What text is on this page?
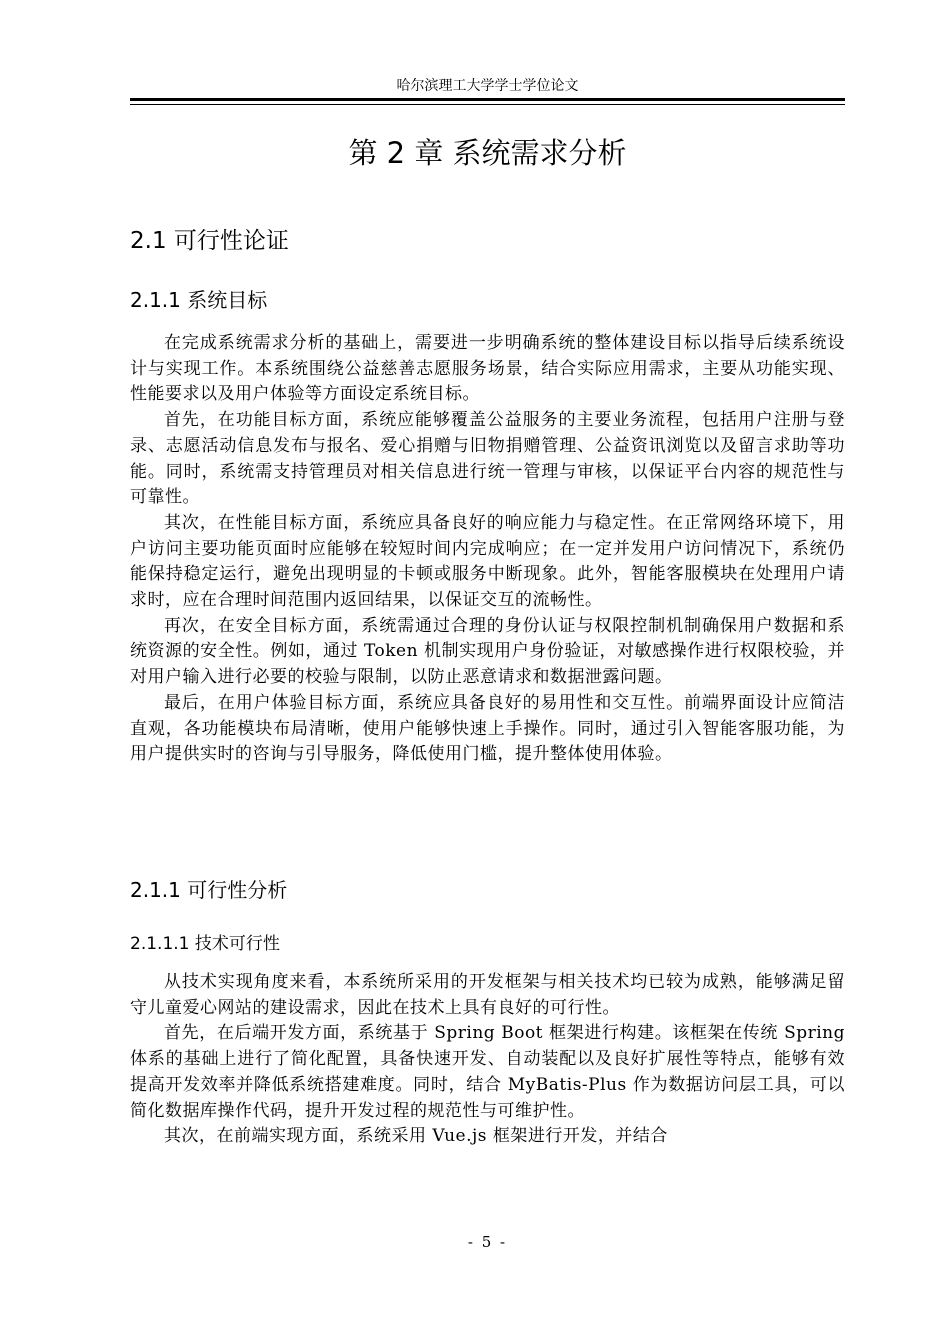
哈尔滨理工大学学士学位论文
第 2 章 系统需求分析
2.1 可行性论证
2.1.1 系统目标

在完成系统需求分析的基础上，需要进一步明确系统的整体建设目标以指导后续系统设计与实现工作。本系统围绕公益慈善志愿服务场景，结合实际应用需求，主要从功能实现、性能要求以及用户体验等方面设定系统目标。

首先，在功能目标方面，系统应能够覆盖公益服务的主要业务流程，包括用户注册与登录、志愿活动信息发布与报名、爱心捐赠与旧物捐赠管理、公益资讯浏览以及留言求助等功能。同时，系统需支持管理员对相关信息进行统一管理与审核，以保证平台内容的规范性与可靠性。

其次，在性能目标方面，系统应具备良好的响应能力与稳定性。在正常网络环境下，用户访问主要功能页面时应能够在较短时间内完成响应；在一定并发用户访问情况下，系统仍能保持稳定运行，避免出现明显的卡顿或服务中断现象。此外，智能客服模块在处理用户请求时，应在合理时间范围内返回结果，以保证交互的流畅性。

再次，在安全目标方面，系统需通过合理的身份认证与权限控制机制确保用户数据和系统资源的安全性。例如，通过 Token 机制实现用户身份验证，对敏感操作进行权限校验，并对用户输入进行必要的校验与限制，以防止恶意请求和数据泄露问题。

最后，在用户体验目标方面，系统应具备良好的易用性和交互性。前端界面设计应简洁直观，各功能模块布局清晰，使用户能够快速上手操作。同时，通过引入智能客服功能，为用户提供实时的咨询与引导服务，降低使用门槛，提升整体使用体验。

2.1.1 可行性分析
2.1.1.1 技术可行性

从技术实现角度来看，本系统所采用的开发框架与相关技术均已较为成熟，能够满足留守儿童爱心网站的建设需求，因此在技术上具有良好的可行性。

首先，在后端开发方面，系统基于 Spring Boot 框架进行构建。该框架在传统 Spring 体系的基础上进行了简化配置，具备快速开发、自动装配以及良好扩展性等特点，能够有效提高开发效率并降低系统搭建难度。同时，结合 MyBatis-Plus 作为数据访问层工具，可以简化数据库操作代码，提升开发过程的规范性与可维护性。

其次，在前端实现方面，系统采用 Vue.js 框架进行开发，并结合

- 5 -
